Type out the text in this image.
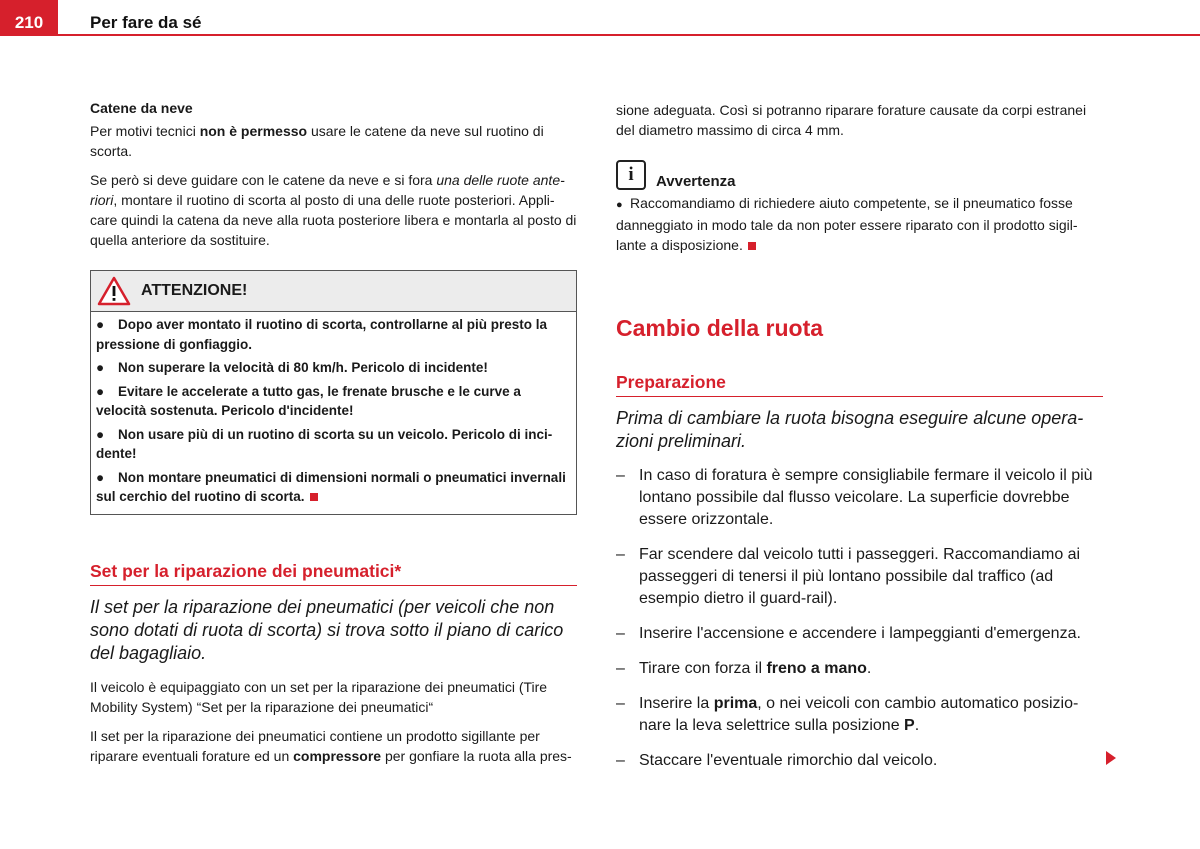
210	Per fare da sé

Catene da neve

Per motivi tecnici non è permesso usare le catene da neve sul ruotino di scorta.

Se però si deve guidare con le catene da neve e si fora una delle ruote ante-riori, montare il ruotino di scorta al posto di una delle ruote posteriori. Appli-care quindi la catena da neve alla ruota posteriore libera e montarla al posto di quella anteriore da sostituire.

ATTENZIONE!

● Dopo aver montato il ruotino di scorta, controllarne al più presto la pressione di gonfiaggio.

● Non superare la velocità di 80 km/h. Pericolo di incidente!

● Evitare le accelerate a tutto gas, le frenate brusche e le curve a velocità sostenuta. Pericolo d'incidente!

● Non usare più di un ruotino di scorta su un veicolo. Pericolo di inci-dente!

● Non montare pneumatici di dimensioni normali o pneumatici invernali sul cerchio del ruotino di scorta.

Set per la riparazione dei pneumatici*

Il set per la riparazione dei pneumatici (per veicoli che non sono dotati di ruota di scorta) si trova sotto il piano di carico del bagagliaio.

Il veicolo è equipaggiato con un set per la riparazione dei pneumatici (Tire Mobility System) “Set per la riparazione dei pneumatici“

Il set per la riparazione dei pneumatici contiene un prodotto sigillante per riparare eventuali forature ed un compressore per gonfiare la ruota alla pres-

sione adeguata. Così si potranno riparare forature causate da corpi estranei del diametro massimo di circa 4 mm.

i	Avvertenza

● Raccomandiamo di richiedere aiuto competente, se il pneumatico fosse danneggiato in modo tale da non poter essere riparato con il prodotto sigil-lante a disposizione.

Cambio della ruota
Preparazione

Prima di cambiare la ruota bisogna eseguire alcune opera-zioni preliminari.

– In caso di foratura è sempre consigliabile fermare il veicolo il più lontano possibile dal flusso veicolare. La superficie dovrebbe essere orizzontale.

– Far scendere dal veicolo tutti i passeggeri. Raccomandiamo ai passeggeri di tenersi il più lontano possibile dal traffico (ad esempio dietro il guard-rail).

– Inserire l'accensione e accendere i lampeggianti d'emergenza.

– Tirare con forza il freno a mano.

– Inserire la prima, o nei veicoli con cambio automatico posizio-nare la leva selettrice sulla posizione P.

– Staccare l'eventuale rimorchio dal veicolo.
